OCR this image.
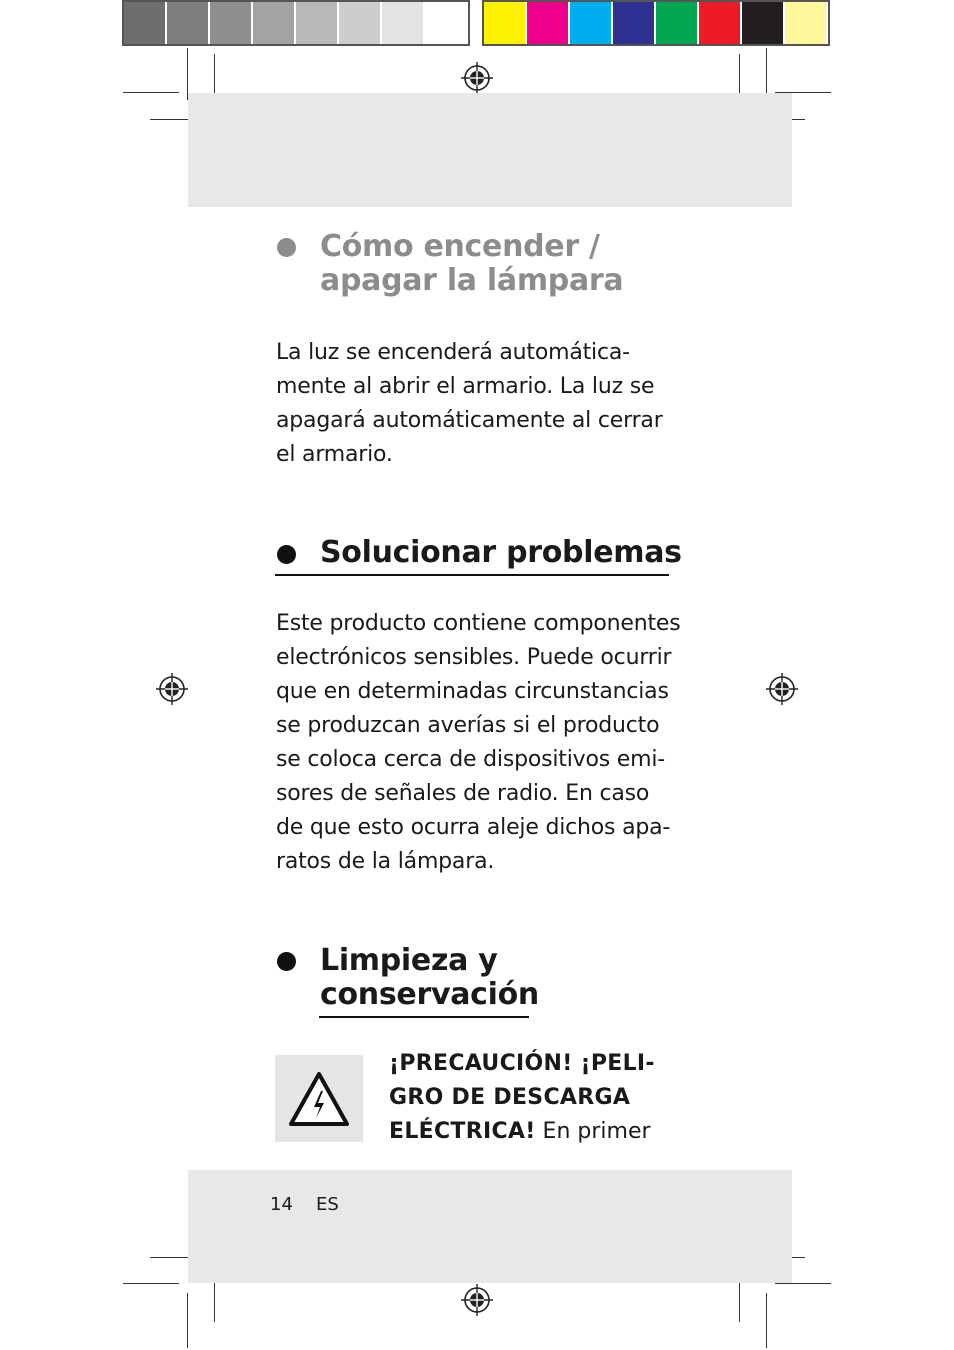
Cómo encender /
apagar la lámpara
La luz se encenderá automática-
mente al abrir el armario. La luz se
apagará automáticamente al cerrar
el armario.
Solucionar problemas
Este producto contiene componentes
electrónicos sensibles. Puede ocurrir
que en determinadas circunstancias
se produzcan averías si el producto
se coloca cerca de dispositivos emi-
sores de señales de radio. En caso
de que esto ocurra aleje dichos apa-
ratos de la lámpara.
Limpieza y
conservación
¡PRECAUCIÓN! ¡PELI-
GRO DE DESCARGA
ELÉCTRICA! En primer
14 ES
